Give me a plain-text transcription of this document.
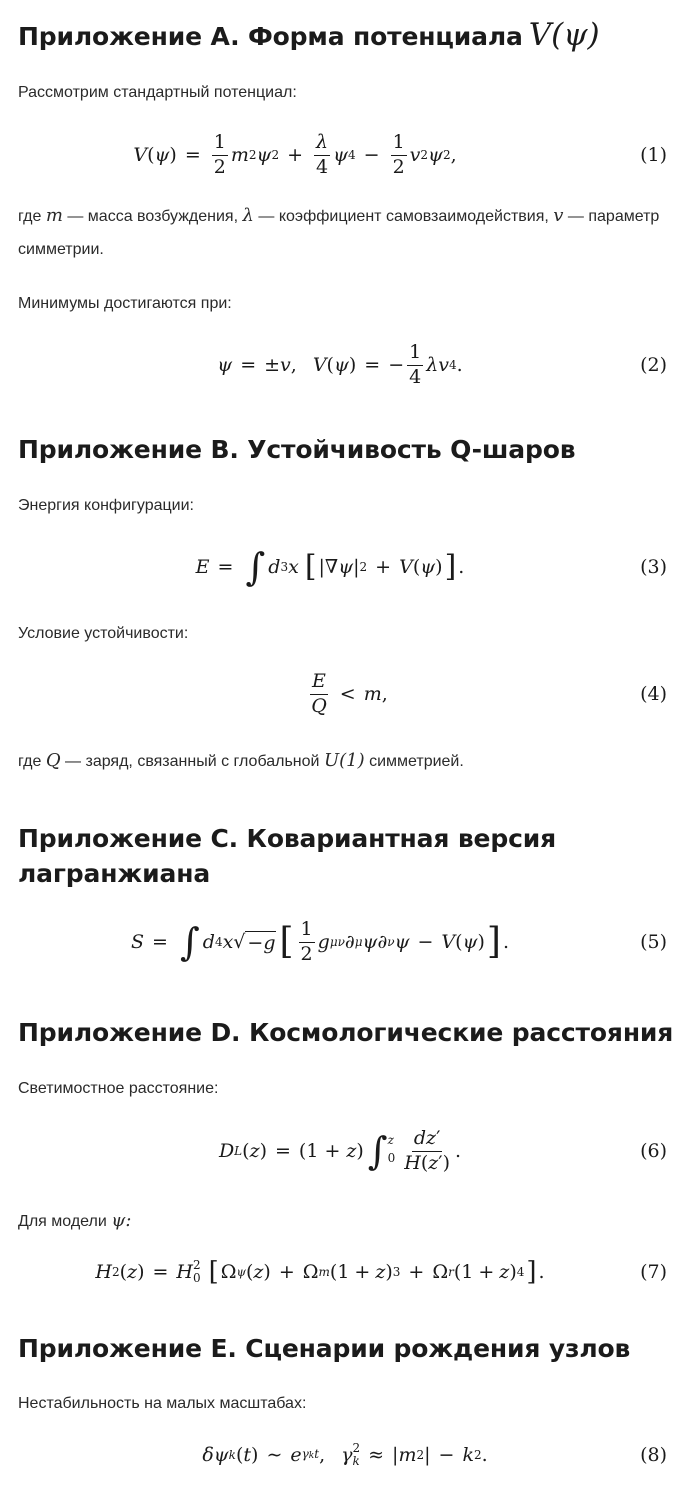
Приложение A. Форма потенциала V(ψ)

Рассмотрим стандартный потенциал:

V ( ψ ) = $\frac{1}{2}$ m 2 ψ $2 + \frac{\lambda}{4}$ ψ $4 - \frac{1}{2}$ v 2 ψ 2 ,	(1)

где m — масса возбуждения, λ — коэффициент самовзаимодействия, v — параметр симметрии.

Минимумы достигаются при:

ψ = ± v , V ( ψ ) = − $\frac{1}{4}$ λ v 4 .	(2)
Приложение B. Устойчивость Q-шаров

Энергия конфигурации:

E = ∫ d 3 x [ |∇ ψ | 2 + V ( ψ ) ] .	(3)

Условие устойчивости:

$\frac{E}{Q} < m$ ,	(4)

где Q — заряд, связанный с глобальной U(1) симметрией.

Приложение C. Ковариантная версия лагранжиана
S = ∫ d 4 x √ −g [ $\frac{1}{2}$ g μν ∂ μ ψ ∂ ν ψ − V ( ψ ) ] .	(5)
Приложение D. Космологические расстояния

Светимостное расстояние:

D L ( z ) = (1 + z ) ∫ z
$0 \frac{dz'}{H(z')}$ .	(6)

Для модели ψ:

H 2 ( z ) = H 2
0 [ Ω ψ ( z ) + Ω m (1 + z ) 3 + Ω r (1 + z ) 4 ] .	(7)
Приложение E. Сценарии рождения узлов

Нестабильность на малых масштабах:

δψ k ( t ) ∼ e γkt , γ 2
k ≈ | m 2 | − k 2 .	(8)
